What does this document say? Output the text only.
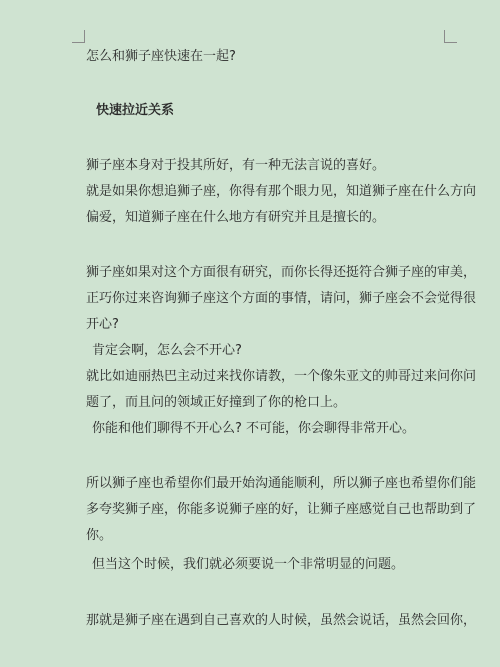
怎么和狮子座快速在一起?
快速拉近关系
狮子座本身对于投其所好，有一种无法言说的喜好。
就是如果你想追狮子座，你得有那个眼力见，知道狮子座在什么方向
偏爱，知道狮子座在什么地方有研究并且是擅长的。
狮子座如果对这个方面很有研究，而你长得还挺符合狮子座的审美，
正巧你过来咨询狮子座这个方面的事情，请问，狮子座会不会觉得很
开心?
肯定会啊，怎么会不开心?
就比如迪丽热巴主动过来找你请教，一个像朱亚文的帅哥过来问你问
题了，而且问的领域正好撞到了你的枪口上。
你能和他们聊得不开心么? 不可能，你会聊得非常开心。
所以狮子座也希望你们最开始沟通能顺利，所以狮子座也希望你们能
多夸奖狮子座，你能多说狮子座的好，让狮子座感觉自己也帮助到了
你。
但当这个时候，我们就必须要说一个非常明显的问题。
那就是狮子座在遇到自己喜欢的人时候，虽然会说话，虽然会回你，
